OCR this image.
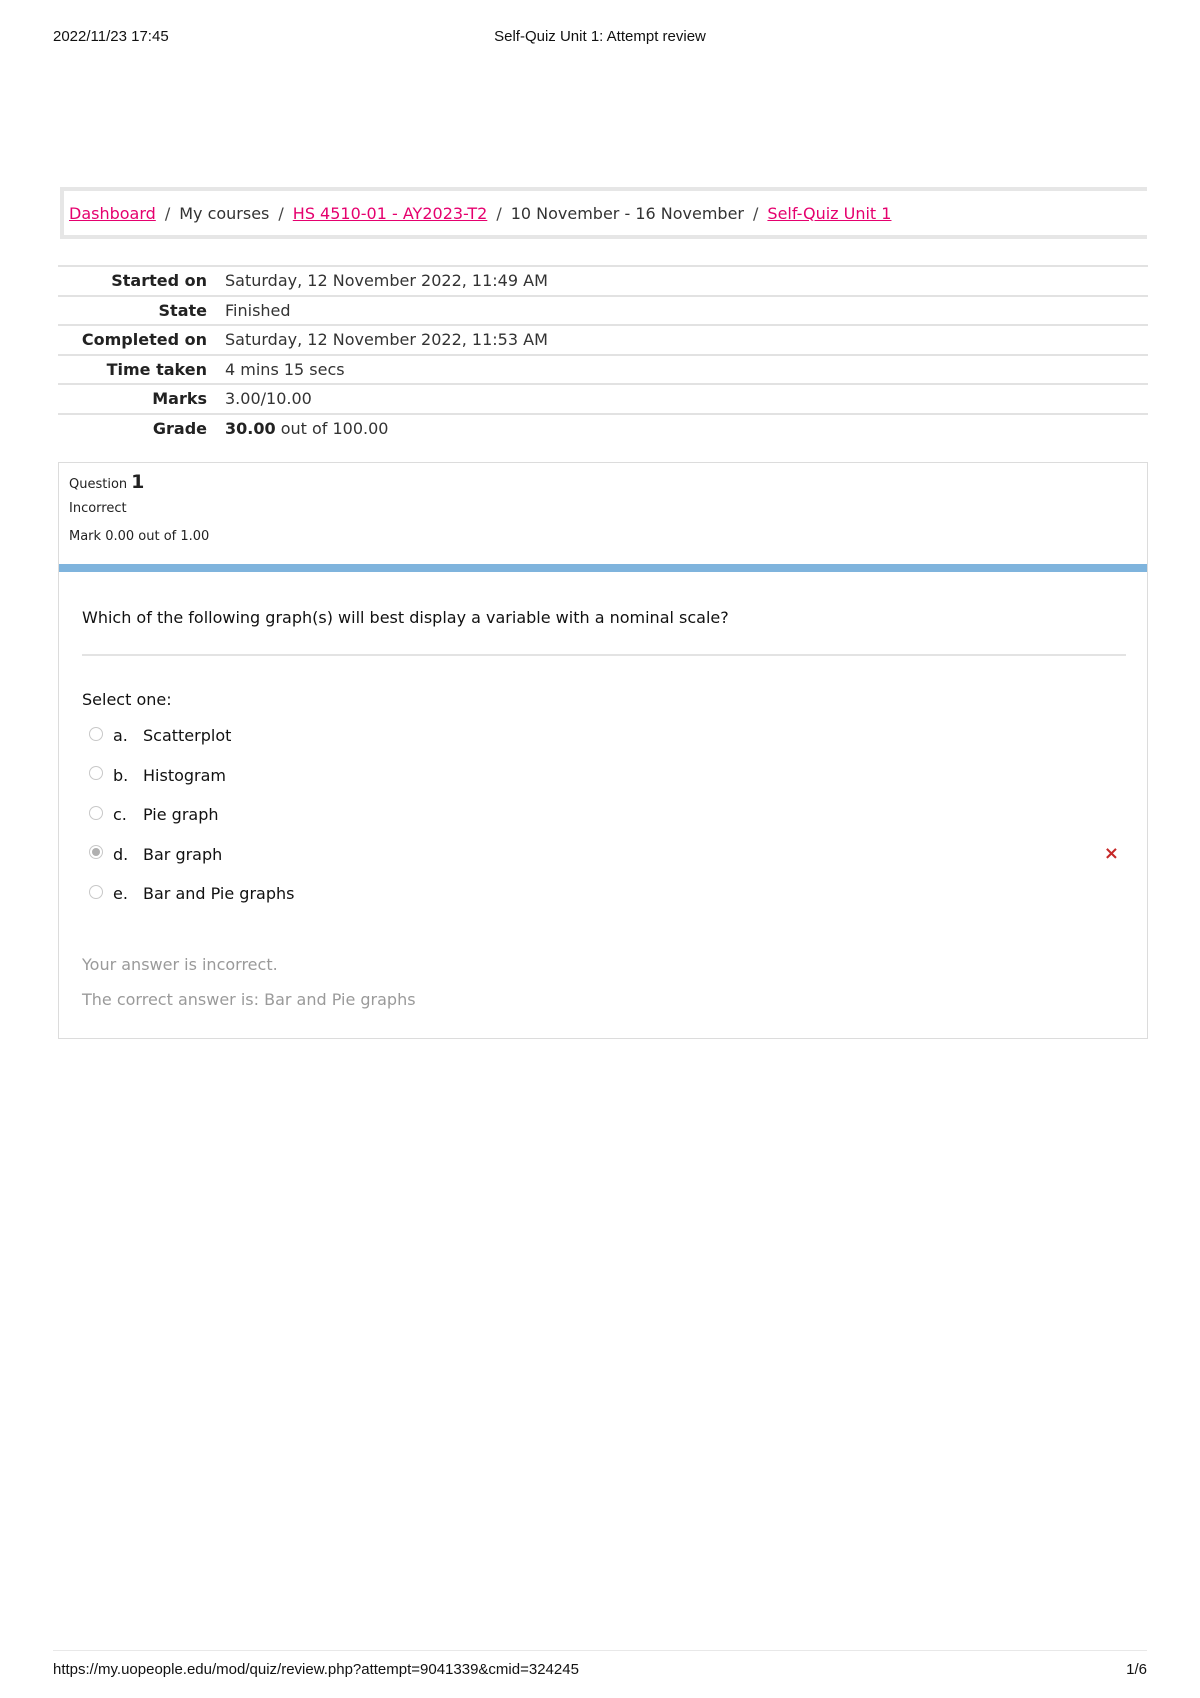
2022/11/23 17:45	Self-Quiz Unit 1: Attempt review
Dashboard / My courses / HS 4510-01 - AY2023-T2 / 10 November - 16 November / Self-Quiz Unit 1
Started on	Saturday, 12 November 2022, 11:49 AM
State	Finished
Completed on	Saturday, 12 November 2022, 11:53 AM
Time taken	4 mins 15 secs
Marks	3.00/10.00
Grade	30.00 out of 100.00
Question 1
Incorrect
Mark 0.00 out of 1.00
Which of the following graph(s) will best display a variable with a nominal scale?
Select one:
a. Scatterplot
b. Histogram
c.	Pie graph
d. Bar graph	×
e. Bar and Pie graphs
Your answer is incorrect.
The correct answer is: Bar and Pie graphs
https://my.uopeople.edu/mod/quiz/review.php?attempt=9041339&cmid=324245	1/6
